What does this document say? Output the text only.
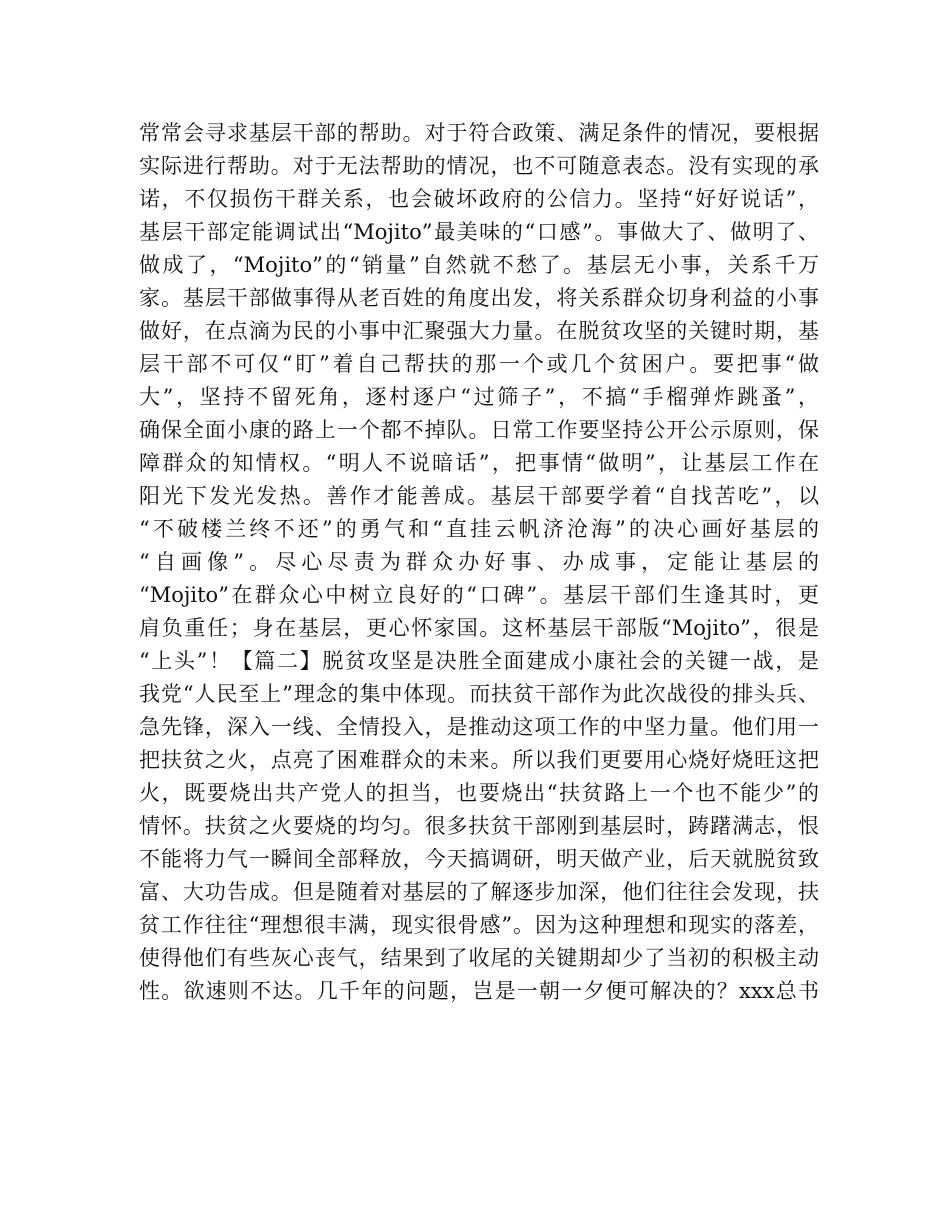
常常会寻求基层干部的帮助。对于符合政策、满足条件的情况，要根据

实际进行帮助。对于无法帮助的情况，也不可随意表态。没有实现的承

诺，不仅损伤干群关系，也会破坏政府的公信力。坚持“好好说话”，

基层干部定能调试出“Mojito”最美味的“口感”。事做大了、做明了、

做成了，“Mojito”的“销量”自然就不愁了。基层无小事，关系千万

家。基层干部做事得从老百姓的角度出发，将关系群众切身利益的小事

做好，在点滴为民的小事中汇聚强大力量。在脱贫攻坚的关键时期，基

层干部不可仅“盯”着自己帮扶的那一个或几个贫困户。要把事“做

大”，坚持不留死角，逐村逐户“过筛子”，不搞“手榴弹炸跳蚤”，

确保全面小康的路上一个都不掉队。日常工作要坚持公开公示原则，保

障群众的知情权。“明人不说暗话”，把事情“做明”，让基层工作在

阳光下发光发热。善作才能善成。基层干部要学着“自找苦吃”，以

“不破楼兰终不还”的勇气和“直挂云帆济沧海”的决心画好基层的

“自画像”。尽心尽责为群众办好事、办成事，定能让基层的

“Mojito”在群众心中树立良好的“口碑”。基层干部们生逢其时，更

肩负重任；身在基层，更心怀家国。这杯基层干部版“Mojito”，很是

“上头”！【篇二】脱贫攻坚是决胜全面建成小康社会的关键一战，是

我党“人民至上”理念的集中体现。而扶贫干部作为此次战役的排头兵、

急先锋，深入一线、全情投入，是推动这项工作的中坚力量。他们用一

把扶贫之火，点亮了困难群众的未来。所以我们更要用心烧好烧旺这把

火，既要烧出共产党人的担当，也要烧出“扶贫路上一个也不能少”的

情怀。扶贫之火要烧的均匀。很多扶贫干部刚到基层时，踌躇满志，恨

不能将力气一瞬间全部释放，今天搞调研，明天做产业，后天就脱贫致

富、大功告成。但是随着对基层的了解逐步加深，他们往往会发现，扶

贫工作往往“理想很丰满，现实很骨感”。因为这种理想和现实的落差，

使得他们有些灰心丧气，结果到了收尾的关键期却少了当初的积极主动

性。欲速则不达。几千年的问题，岂是一朝一夕便可解决的？xxx总书
